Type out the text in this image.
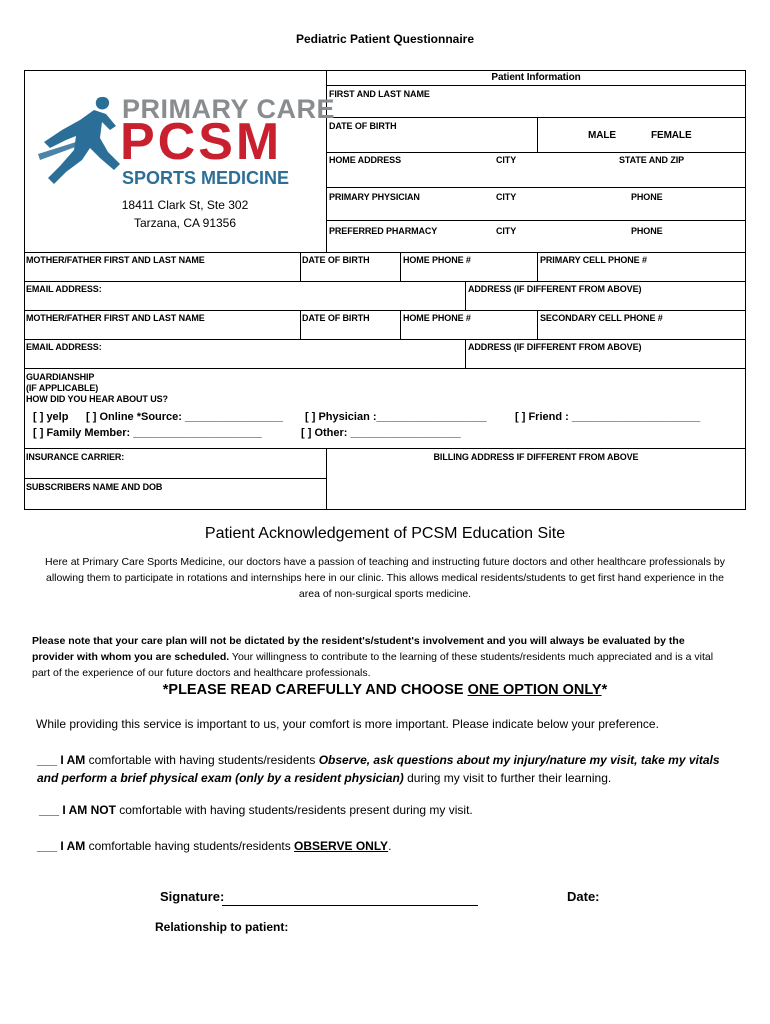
Pediatric Patient Questionnaire
PRIMARY CARE
PCSM
SPORTS MEDICINE
18411 Clark St, Ste 302
Tarzana, CA 91356
Patient Information
FIRST AND LAST NAME
DATE OF BIRTH
MALE	FEMALE
HOME ADDRESS	CITY	STATE AND ZIP
PRIMARY PHYSICIAN	CITY	PHONE
PREFERRED PHARMACY	CITY	PHONE
MOTHER/FATHER FIRST AND LAST NAME	DATE OF BIRTH	HOME PHONE #	PRIMARY CELL PHONE #
EMAIL ADDRESS:	ADDRESS (IF DIFFERENT FROM ABOVE)
MOTHER/FATHER FIRST AND LAST NAME	DATE OF BIRTH	HOME PHONE #	SECONDARY CELL PHONE #
EMAIL ADDRESS:	ADDRESS (IF DIFFERENT FROM ABOVE)
GUARDIANSHIP
(IF APPLICABLE)
HOW DID YOU HEAR ABOUT US?
[ ] yelp [ ] Online *Source: ________________ [ ] Physician :__________________	[ ] Friend : _____________________
[ ] Family Member: _____________________	[ ] Other: __________________
INSURANCE CARRIER:	BILLING ADDRESS IF DIFFERENT FROM ABOVE
SUBSCRIBERS NAME AND DOB
Patient Acknowledgement of PCSM Education Site
Here at Primary Care Sports Medicine, our doctors have a passion of teaching and instructing future doctors and other healthcare professionals by allowing them to participate in rotations and internships here in our clinic. This allows medical residents/students to get first hand experience in the area of non-surgical sports medicine.
Please note that your care plan will not be dictated by the resident's/student's involvement and you will always be evaluated by the provider with whom you are scheduled. Your willingness to contribute to the learning of these students/residents much appreciated and is a vital part of the experience of our future doctors and healthcare professionals.
*PLEASE READ CAREFULLY AND CHOOSE ONE OPTION ONLY*
While providing this service is important to us, your comfort is more important. Please indicate below your preference.
___ I AM comfortable with having students/residents Observe, ask questions about my injury/nature my visit, take my vitals and perform a brief physical exam (only by a resident physician) during my visit to further their learning.
___ I AM NOT comfortable with having students/residents present during my visit.
___ I AM comfortable having students/residents OBSERVE ONLY.
Signature:	Date:
Relationship to patient:
